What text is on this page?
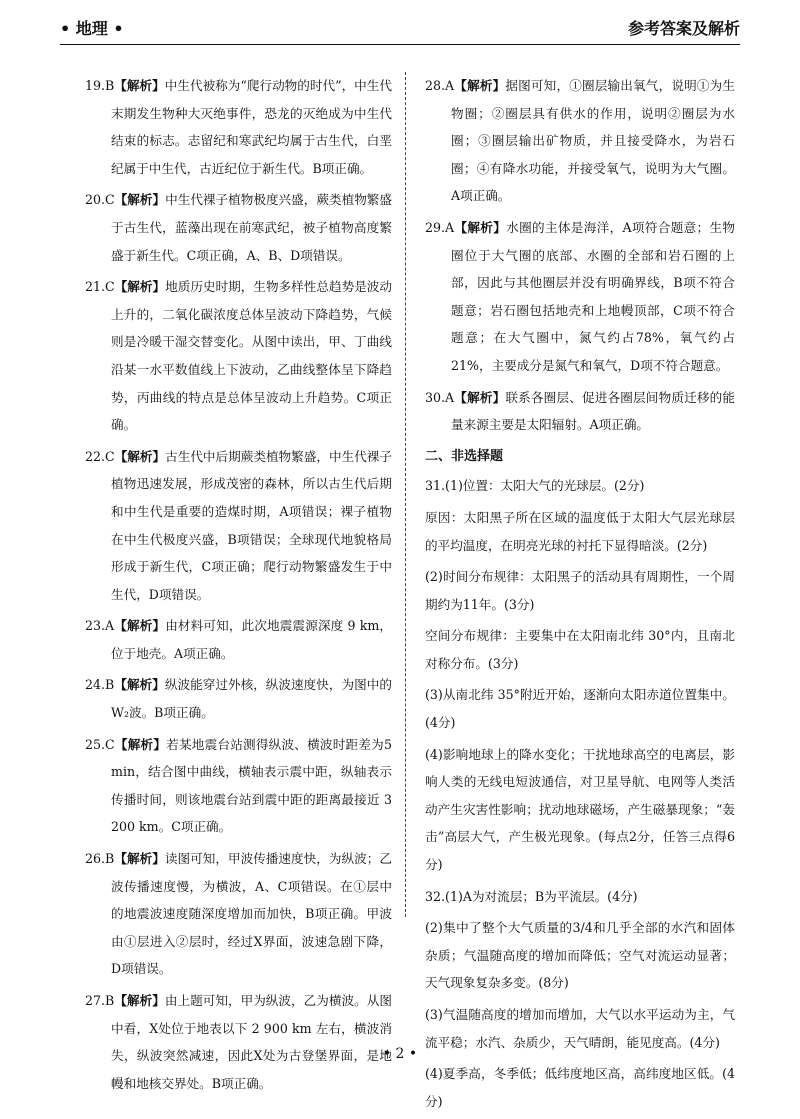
• 地理 •	参考答案及解析

19.B【解析】中生代被称为“爬行动物的时代”，中生代末期发生物种大灭绝事件，恐龙的灭绝成为中生代结束的标志。志留纪和寒武纪均属于古生代，白垩纪属于中生代，古近纪位于新生代。B项正确。

20.C【解析】中生代裸子植物极度兴盛，蕨类植物繁盛于古生代，蓝藻出现在前寒武纪，被子植物高度繁盛于新生代。C项正确，A、B、D项错误。

21.C【解析】地质历史时期，生物多样性总趋势是波动上升的，二氧化碳浓度总体呈波动下降趋势，气候则是冷暖干湿交替变化。从图中读出，甲、丁曲线沿某一水平数值线上下波动，乙曲线整体呈下降趋势，丙曲线的特点是总体呈波动上升趋势。C项正确。

22.C【解析】古生代中后期蕨类植物繁盛，中生代裸子植物迅速发展，形成茂密的森林，所以古生代后期和中生代是重要的造煤时期，A项错误；裸子植物在中生代极度兴盛，B项错误；全球现代地貌格局形成于新生代，C项正确；爬行动物繁盛发生于中生代，D项错误。

23.A【解析】由材料可知，此次地震震源深度 9 km，位于地壳。A项正确。

24.B【解析】纵波能穿过外核，纵波速度快，为图中的W₂波。B项正确。

25.C【解析】若某地震台站测得纵波、横波时距差为5 min，结合图中曲线，横轴表示震中距，纵轴表示传播时间，则该地震台站到震中距的距离最接近 3 200 km。C项正确。

26.B【解析】读图可知，甲波传播速度快，为纵波；乙波传播速度慢，为横波，A、C项错误。在①层中的地震波速度随深度增加而加快，B项正确。甲波由①层进入②层时，经过X界面，波速急剧下降，D项错误。

27.B【解析】由上题可知，甲为纵波，乙为横波。从图中看，X处位于地表以下 2 900 km 左右，横波消失，纵波突然减速，因此X处为古登堡界面，是地幔和地核交界处。B项正确。

28.A【解析】据图可知，①圈层输出氧气，说明①为生物圈；②圈层具有供水的作用，说明②圈层为水圈；③圈层输出矿物质，并且接受降水，为岩石圈；④有降水功能，并接受氧气，说明为大气圈。A项正确。

29.A【解析】水圈的主体是海洋，A项符合题意；生物圈位于大气圈的底部、水圈的全部和岩石圈的上部，因此与其他圈层并没有明确界线，B项不符合题意；岩石圈包括地壳和上地幔顶部，C项不符合题意；在大气圈中，氮气约占78%，氧气约占21%，主要成分是氮气和氧气，D项不符合题意。

30.A【解析】联系各圈层、促进各圈层间物质迁移的能量来源主要是太阳辐射。A项正确。

二、非选择题

31.(1)位置：太阳大气的光球层。(2分)

原因：太阳黑子所在区域的温度低于太阳大气层光球层的平均温度，在明亮光球的衬托下显得暗淡。(2分)

(2)时间分布规律：太阳黑子的活动具有周期性，一个周期约为11年。(3分)

空间分布规律：主要集中在太阳南北纬 30°内，且南北对称分布。(3分)

(3)从南北纬 35°附近开始，逐渐向太阳赤道位置集中。(4分)

(4)影响地球上的降水变化；干扰地球高空的电离层，影响人类的无线电短波通信，对卫星导航、电网等人类活动产生灾害性影响；扰动地球磁场，产生磁暴现象；“轰击”高层大气，产生极光现象。(每点2分，任答三点得6分)

32.(1)A为对流层；B为平流层。(4分)

(2)集中了整个大气质量的3/4和几乎全部的水汽和固体杂质；气温随高度的增加而降低；空气对流运动显著；天气现象复杂多变。(8分)

(3)气温随高度的增加而增加，大气以水平运动为主，气流平稳；水汽、杂质少，天气晴朗，能见度高。(4分)

(4)夏季高，冬季低；低纬度地区高，高纬度地区低。(4分)

• 2 •
